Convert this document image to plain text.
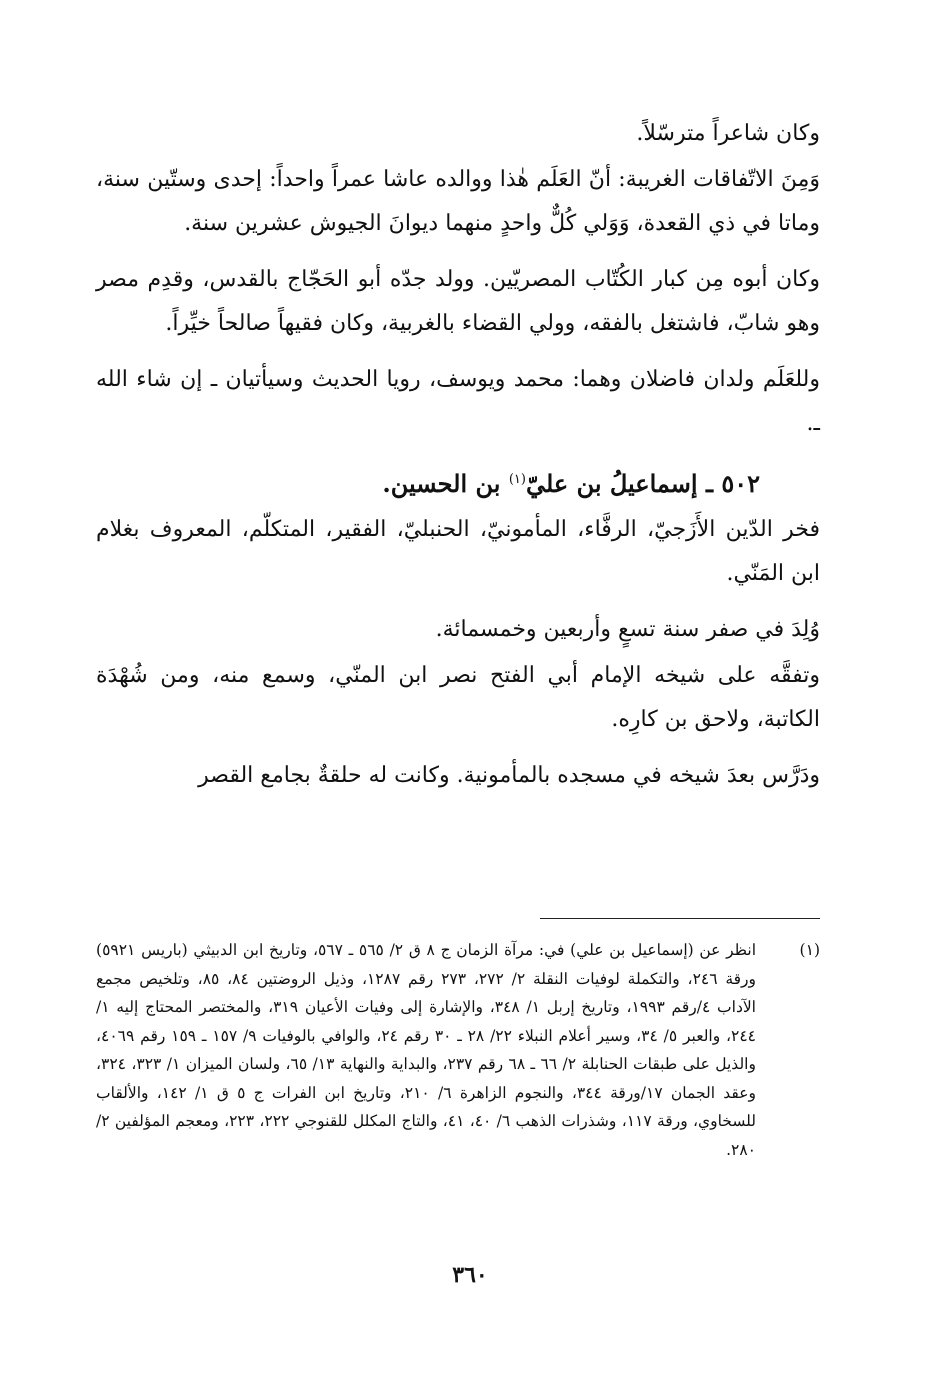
وكان شاعراً مترسّلاً.

وَمِنَ الاتّفاقات الغريبة: أنّ العَلَم هٰذا ووالده عاشا عمراً واحداً: إحدى وستّين سنة، وماتا في ذي القعدة، وَوَلي كُلٌّ واحدٍ منهما ديوانَ الجيوش عشرين سنة.

وكان أبوه مِن كبار الكُتّاب المصريّين. وولد جدّه أبو الحَجّاج بالقدس، وقدِم مصر وهو شابّ، فاشتغل بالفقه، وولي القضاء بالغربية، وكان فقيهاً صالحاً خيِّراً.

وللعَلَم ولدان فاضلان وهما: محمد ويوسف، رويا الحديث وسيأتيان ـ إن شاء الله ـ.

٥٠٢ ـ إسماعيلُ بن عليّ$^{(١)}$ بن الحسين.

فخر الدّين الأَزَجيّ، الرفَّاء، المأمونيّ، الحنبليّ، الفقير، المتكلّم، المعروف بغلام ابن المَنّي.

وُلِدَ في صفر سنة تسعٍ وأربعين وخمسمائة.

وتفقَّه على شيخه الإمام أبي الفتح نصر ابن المنّي، وسمع منه، ومن شُهْدَة الكاتبة، ولاحق بن كارِه.

ودَرَّس بعدَ شيخه في مسجده بالمأمونية. وكانت له حلقةٌ بجامع القصر

(١)
انظر عن (إسماعيل بن علي) في: مرآة الزمان ج ٨ ق ٢/ ٥٦٥ ـ ٥٦٧، وتاريخ ابن الدبيثي (باريس ٥٩٢١) ورقة ٢٤٦، والتكملة لوفيات النقلة ٢/ ٢٧٢، ٢٧٣ رقم ١٢٨٧، وذيل الروضتين ٨٤، ٨٥، وتلخيص مجمع الآداب ٤/رقم ١٩٩٣، وتاريخ إربل ١/ ٣٤٨، والإشارة إلى وفيات الأعيان ٣١٩، والمختصر المحتاج إليه ١/ ٢٤٤، والعبر ٥/ ٣٤، وسير أعلام النبلاء ٢٢/ ٢٨ ـ ٣٠ رقم ٢٤، والوافي بالوفيات ٩/ ١٥٧ ـ ١٥٩ رقم ٤٠٦٩، والذيل على طبقات الحنابلة ٢/ ٦٦ ـ ٦٨ رقم ٢٣٧، والبداية والنهاية ١٣/ ٦٥، ولسان الميزان ١/ ٣٢٣، ٣٢٤، وعقد الجمان ١٧/ورقة ٣٤٤، والنجوم الزاهرة ٦/ ٢١٠، وتاريخ ابن الفرات ج ٥ ق ١/ ١٤٢، والألقاب للسخاوي، ورقة ١١٧، وشذرات الذهب ٦/ ٤٠، ٤١، والتاج المكلل للقنوجي ٢٢٢، ٢٢٣، ومعجم المؤلفين ٢/ ٢٨٠.
٣٦٠
